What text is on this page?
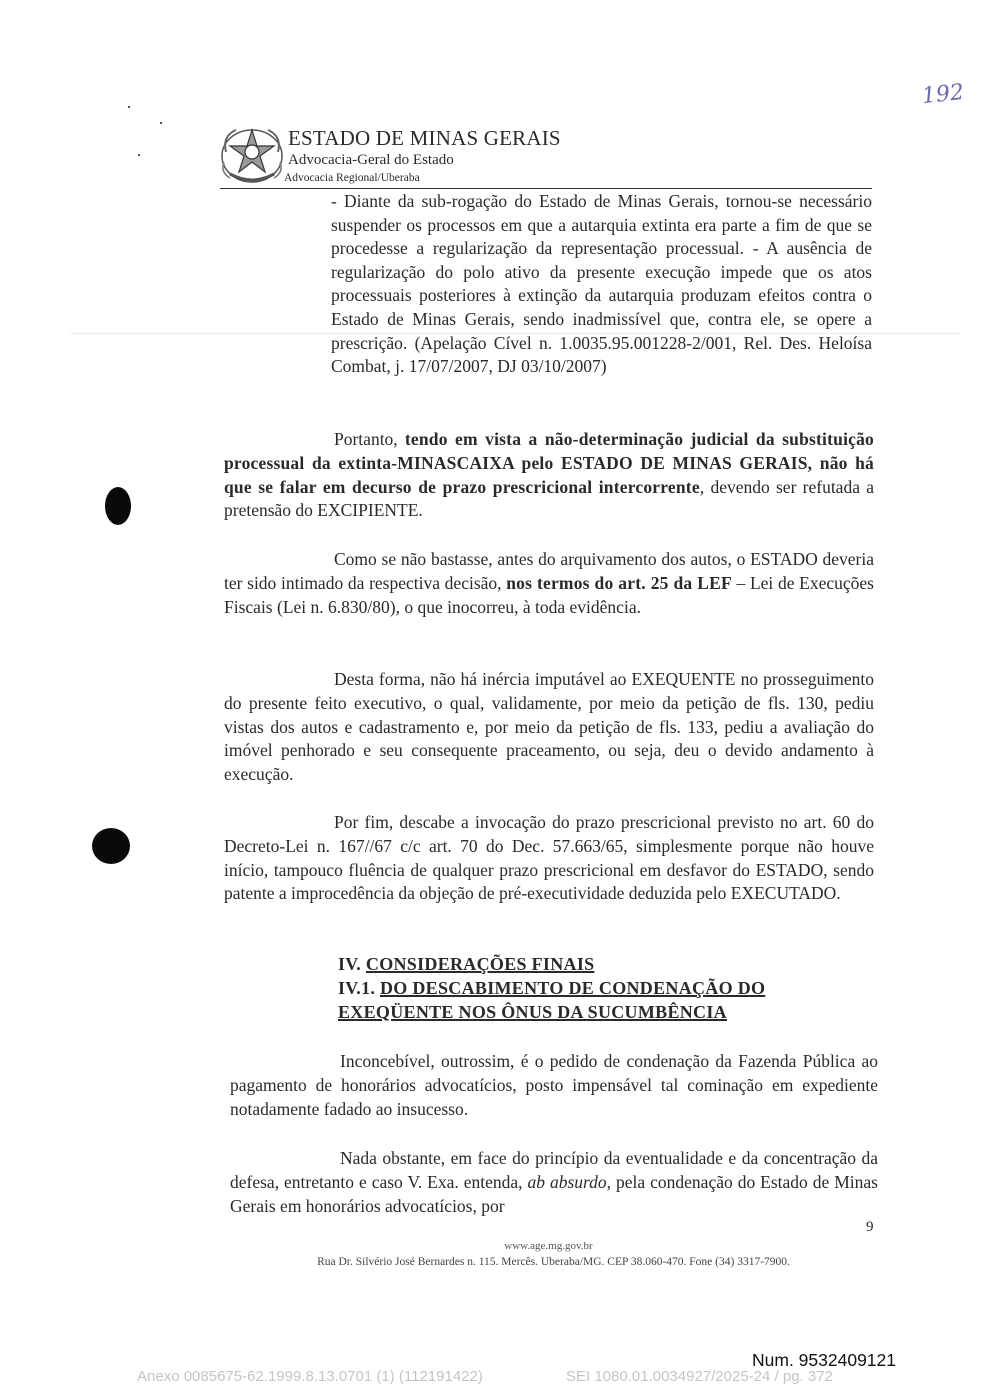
192
ESTADO DE MINAS GERAIS
Advocacia-Geral do Estado
Advocacia Regional/Uberaba
- Diante da sub-rogação do Estado de Minas Gerais, tornou-se necessário suspender os processos em que a autarquia extinta era parte a fim de que se procedesse a regularização da representação processual. - A ausência de regularização do polo ativo da presente execução impede que os atos processuais posteriores à extinção da autarquia produzam efeitos contra o Estado de Minas Gerais, sendo inadmissível que, contra ele, se opere a prescrição. (Apelação Cível n. 1.0035.95.001228-2/001, Rel. Des. Heloísa Combat, j. 17/07/2007, DJ 03/10/2007)

Portanto, tendo em vista a não-determinação judicial da substituição processual da extinta-MINASCAIXA pelo ESTADO DE MINAS GERAIS, não há que se falar em decurso de prazo prescricional intercorrente, devendo ser refutada a pretensão do EXCIPIENTE.

Como se não bastasse, antes do arquivamento dos autos, o ESTADO deveria ter sido intimado da respectiva decisão, nos termos do art. 25 da LEF – Lei de Execuções Fiscais (Lei n. 6.830/80), o que inocorreu, à toda evidência.

Desta forma, não há inércia imputável ao EXEQUENTE no prosseguimento do presente feito executivo, o qual, validamente, por meio da petição de fls. 130, pediu vistas dos autos e cadastramento e, por meio da petição de fls. 133, pediu a avaliação do imóvel penhorado e seu consequente praceamento, ou seja, deu o devido andamento à execução.

Por fim, descabe a invocação do prazo prescricional previsto no art. 60 do Decreto-Lei n. 167//67 c/c art. 70 do Dec. 57.663/65, simplesmente porque não houve início, tampouco fluência de qualquer prazo prescricional em desfavor do ESTADO, sendo patente a improcedência da objeção de pré-executividade deduzida pelo EXECUTADO.

IV. CONSIDERAÇÕES FINAIS
IV.1. DO DESCABIMENTO DE CONDENAÇÃO DO
EXEQÜENTE NOS ÔNUS DA SUCUMBÊNCIA

Inconcebível, outrossim, é o pedido de condenação da Fazenda Pública ao pagamento de honorários advocatícios, posto impensável tal cominação em expediente notadamente fadado ao insucesso.

Nada obstante, em face do princípio da eventualidade e da concentração da defesa, entretanto e caso V. Exa. entenda, ab absurdo, pela condenação do Estado de Minas Gerais em honorários advocatícios, por

9
www.age.mg.gov.br
Rua Dr. Silvério José Bernardes n. 115. Mercês. Uberaba/MG. CEP 38.060-470. Fone (34) 3317-7900.
Num. 9532409121
Anexo 0085675-62.1999.8.13.0701 (1) (112191422)	SEI 1080.01.0034927/2025-24 / pg. 372
